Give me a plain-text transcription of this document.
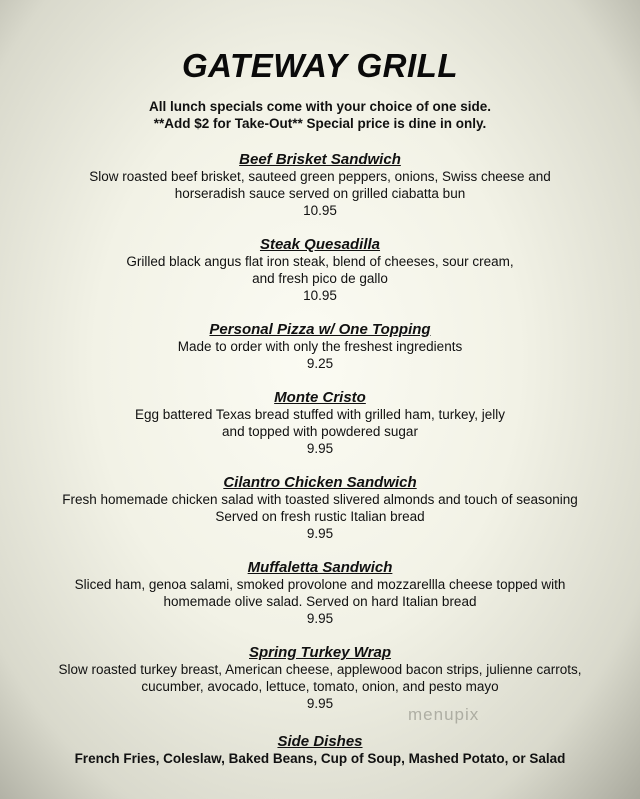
GATEWAY GRILL
All lunch specials come with your choice of one side.
**Add $2 for Take-Out** Special price is dine in only.
Beef Brisket Sandwich
Slow roasted beef brisket, sauteed green peppers, onions, Swiss cheese and
horseradish sauce served on grilled ciabatta bun
10.95
Steak Quesadilla
Grilled black angus flat iron steak, blend of cheeses, sour cream,
and fresh pico de gallo
10.95
Personal Pizza w/ One Topping
Made to order with only the freshest ingredients
9.25
Monte Cristo
Egg battered Texas bread stuffed with grilled ham, turkey, jelly
and topped with powdered sugar
9.95
Cilantro Chicken Sandwich
Fresh homemade chicken salad with toasted slivered almonds and touch of seasoning
Served on fresh rustic Italian bread
9.95
Muffaletta Sandwich
Sliced ham, genoa salami, smoked provolone and mozzarellla cheese topped with
homemade olive salad. Served on hard Italian bread
9.95
Spring Turkey Wrap
Slow roasted turkey breast, American cheese, applewood bacon strips, julienne carrots,
cucumber, avocado, lettuce, tomato, onion, and pesto mayo
9.95
Side Dishes
French Fries, Coleslaw, Baked Beans, Cup of Soup, Mashed Potato, or Salad
menupix
